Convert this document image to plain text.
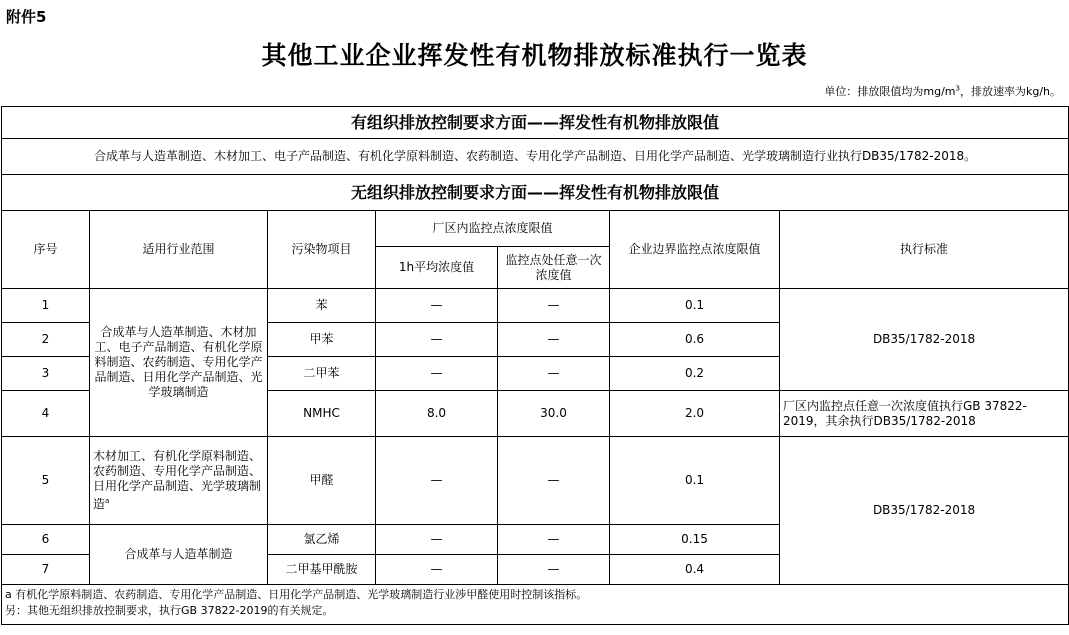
附件5
其他工业企业挥发性有机物排放标准执行一览表
单位：排放限值均为$mg/m^3$，排放速率为kg/h。
有组织排放控制要求方面——挥发性有机物排放限值						
合成革与人造革制造、木材加工、电子产品制造、有机化学原料制造、农药制造、专用化学产品制造、日用化学产品制造、光学玻璃制造行业执行DB35/1782-2018。						
无组织排放控制要求方面——挥发性有机物排放限值						
序号	适用行业范围	污染物项目	厂区内监控点浓度限值		企业边界监控点浓度限值	执行标准
			1h平均浓度值	监控点处任意一次浓度值		
1	合成革与人造革制造、木材加工、电子产品制造、有机化学原料制造、农药制造、专用化学产品制造、日用化学产品制造、光学玻璃制造	苯	—	—	0.1	DB35/1782-2018
2		甲苯	—	—	0.6	
3		二甲苯	—	—	0.2	
4		NMHC	8.0	30.0	2.0	厂区内监控点任意一次浓度值执行GB 37822-2019，其余执行DB35/1782-2018
5	木材加工、有机化学原料制造、农药制造、专用化学产品制造、日用化学产品制造、光学玻璃制造$^a$	甲醛	—	—	0.1	DB35/1782-2018
6	合成革与人造革制造	氯乙烯	—	—	0.15	
7		二甲基甲酰胺	—	—	0.4	

a 有机化学原料制造、农药制造、专用化学产品制造、日用化学产品制造、光学玻璃制造行业涉甲醛使用时控制该指标。
另：其他无组织排放控制要求，执行GB 37822-2019的有关规定。						
